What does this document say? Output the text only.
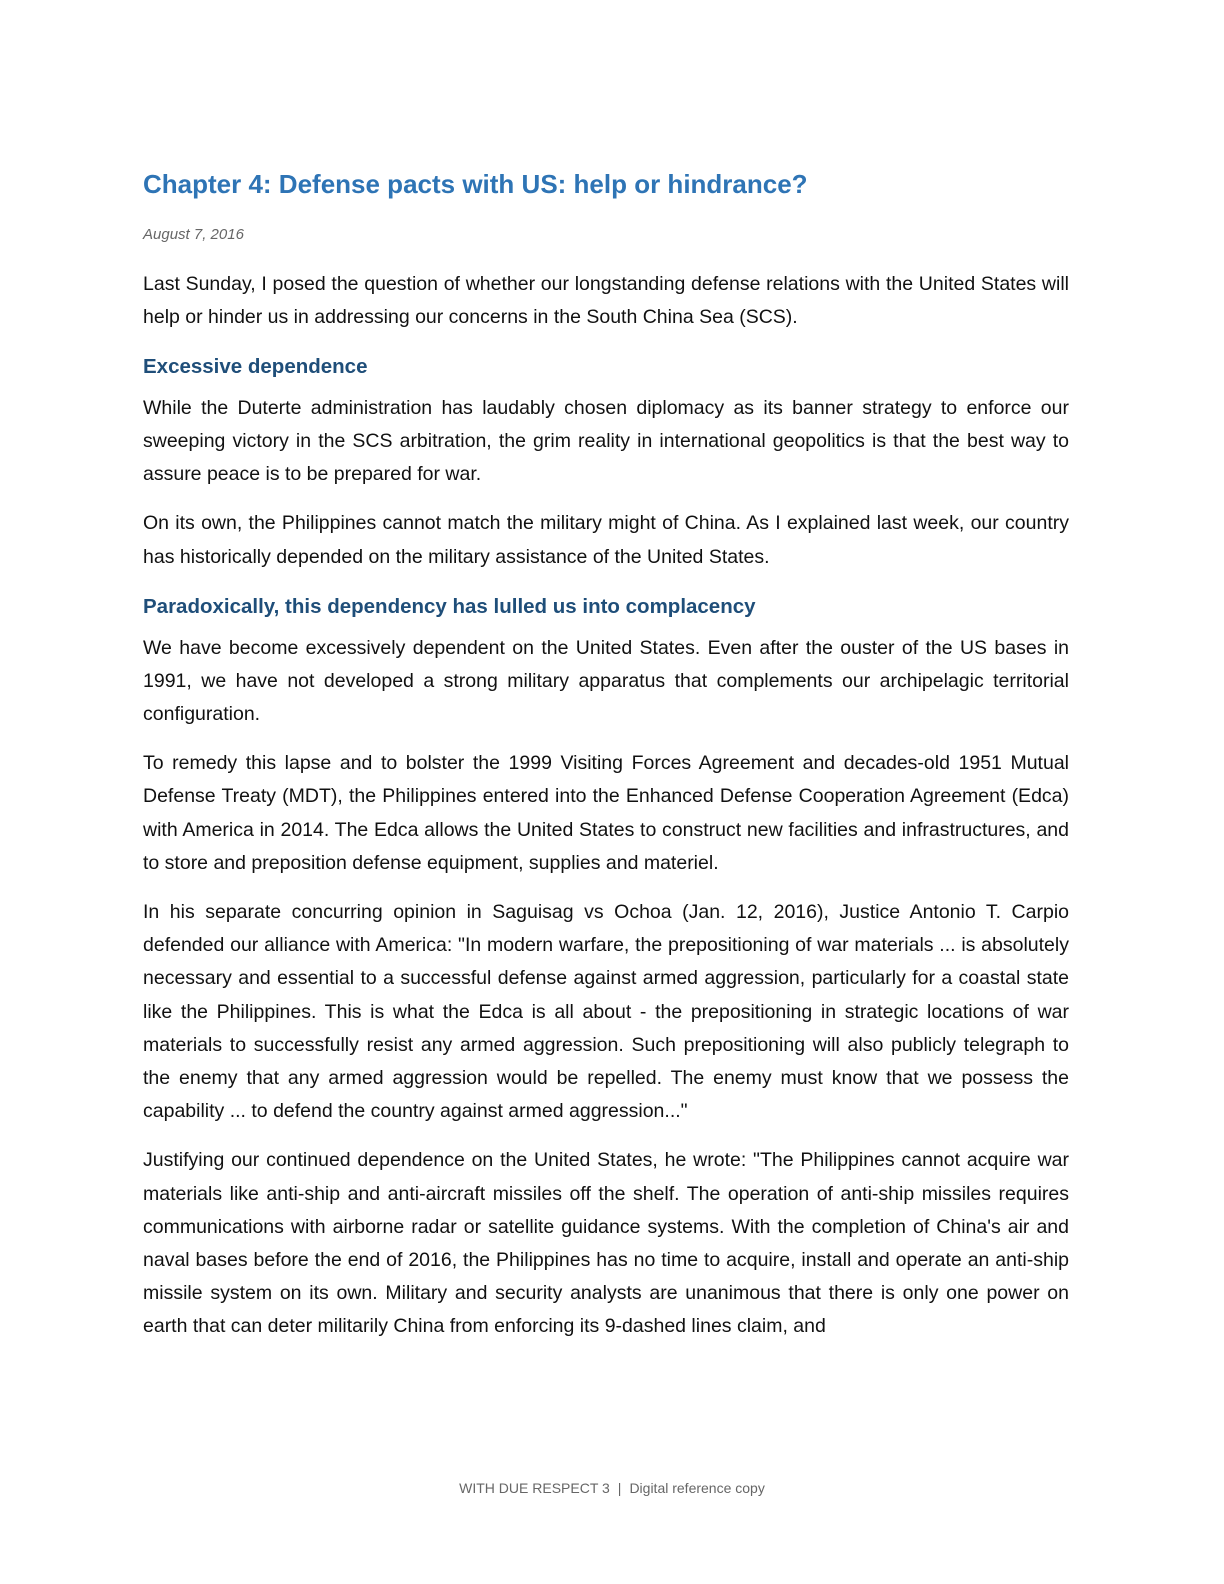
Chapter 4: Defense pacts with US: help or hindrance?

August 7, 2016

Last Sunday, I posed the question of whether our longstanding defense relations with the United States will help or hinder us in addressing our concerns in the South China Sea (SCS).

Excessive dependence

While the Duterte administration has laudably chosen diplomacy as its banner strategy to enforce our sweeping victory in the SCS arbitration, the grim reality in international geopolitics is that the best way to assure peace is to be prepared for war.

On its own, the Philippines cannot match the military might of China. As I explained last week, our country has historically depended on the military assistance of the United States.

Paradoxically, this dependency has lulled us into complacency

We have become excessively dependent on the United States. Even after the ouster of the US bases in 1991, we have not developed a strong military apparatus that complements our archipelagic territorial configuration.

To remedy this lapse and to bolster the 1999 Visiting Forces Agreement and decades-old 1951 Mutual Defense Treaty (MDT), the Philippines entered into the Enhanced Defense Cooperation Agreement (Edca) with America in 2014. The Edca allows the United States to construct new facilities and infrastructures, and to store and preposition defense equipment, supplies and materiel.

In his separate concurring opinion in Saguisag vs Ochoa (Jan. 12, 2016), Justice Antonio T. Carpio defended our alliance with America: "In modern warfare, the prepositioning of war materials ... is absolutely necessary and essential to a successful defense against armed aggression, particularly for a coastal state like the Philippines. This is what the Edca is all about - the prepositioning in strategic locations of war materials to successfully resist any armed aggression. Such prepositioning will also publicly telegraph to the enemy that any armed aggression would be repelled. The enemy must know that we possess the capability ... to defend the country against armed aggression..."

Justifying our continued dependence on the United States, he wrote: "The Philippines cannot acquire war materials like anti-ship and anti-aircraft missiles off the shelf. The operation of anti-ship missiles requires communications with airborne radar or satellite guidance systems. With the completion of China's air and naval bases before the end of 2016, the Philippines has no time to acquire, install and operate an anti-ship missile system on its own. Military and security analysts are unanimous that there is only one power on earth that can deter militarily China from enforcing its 9-dashed lines claim, and

WITH DUE RESPECT 3 | Digital reference copy
